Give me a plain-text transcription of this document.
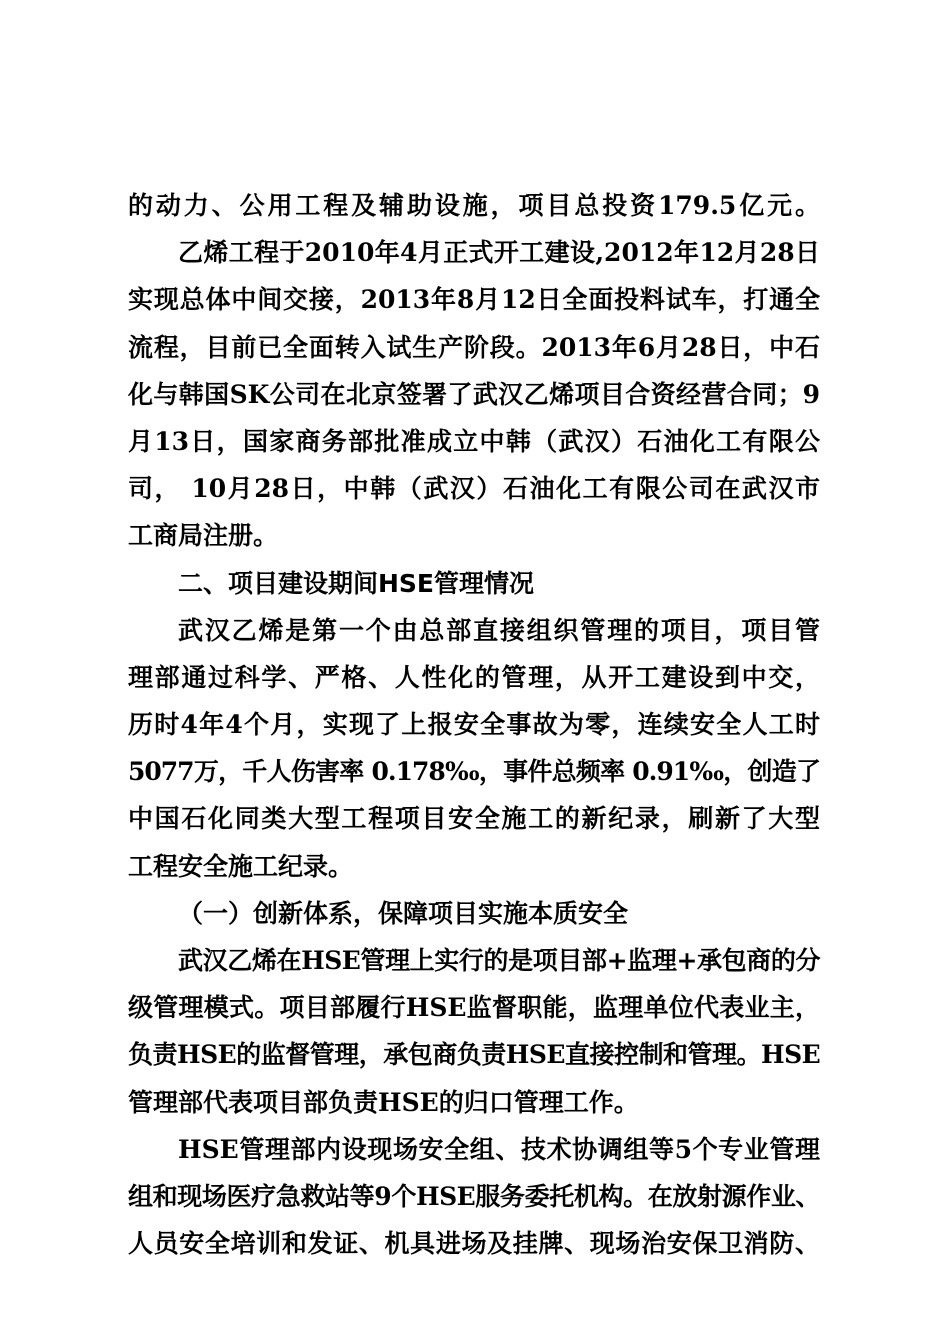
的动力、公用工程及辅助设施，项目总投资179.5亿元。
乙烯工程于2010年4月正式开工建设,2012年12月28日
实现总体中间交接，2013年8月12日全面投料试车，打通全
流程，目前已全面转入试生产阶段。2013年6月28日，中石
化与韩国SK公司在北京签署了武汉乙烯项目合资经营合同；9
月13日，国家商务部批准成立中韩（武汉）石油化工有限公
司， 10月28日，中韩（武汉）石油化工有限公司在武汉市
工商局注册。
二、项目建设期间HSE管理情况
武汉乙烯是第一个由总部直接组织管理的项目，项目管
理部通过科学、严格、人性化的管理，从开工建设到中交，
历时4年4个月，实现了上报安全事故为零，连续安全人工时
5077万，千人伤害率 0.178‰，事件总频率 0.91‰，创造了
中国石化同类大型工程项目安全施工的新纪录，刷新了大型
工程安全施工纪录。
（一）创新体系，保障项目实施本质安全
武汉乙烯在HSE管理上实行的是项目部+监理+承包商的分
级管理模式。项目部履行HSE监督职能，监理单位代表业主，
负责HSE的监督管理，承包商负责HSE直接控制和管理。HSE
管理部代表项目部负责HSE的归口管理工作。
HSE管理部内设现场安全组、技术协调组等5个专业管理
组和现场医疗急救站等9个HSE服务委托机构。在放射源作业、
人员安全培训和发证、机具进场及挂牌、现场治安保卫消防、
